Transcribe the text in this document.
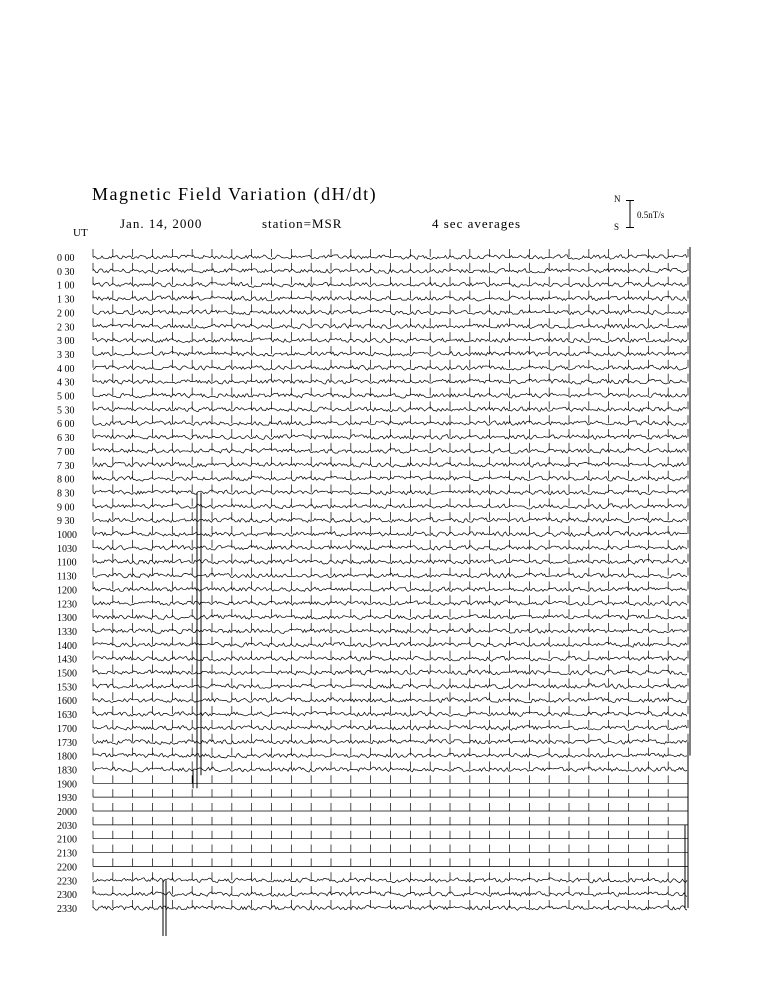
Magnetic Field Variation (dH/dt)
Jan. 14, 2000	station=MSR	4 sec averages
UT
N
S
0.5nT/s
0 00
0 30
1 00
1 30
2 00
2 30
3 00
3 30
4 00
4 30
5 00
5 30
6 00
6 30
7 00
7 30
8 00
8 30
9 00
9 30
1000
1030
1100
1130
1200
1230
1300
1330
1400
1430
1500
1530
1600
1630
1700
1730
1800
1830
1900
1930
2000
2030
2100
2130
2200
2230
2300
2330
